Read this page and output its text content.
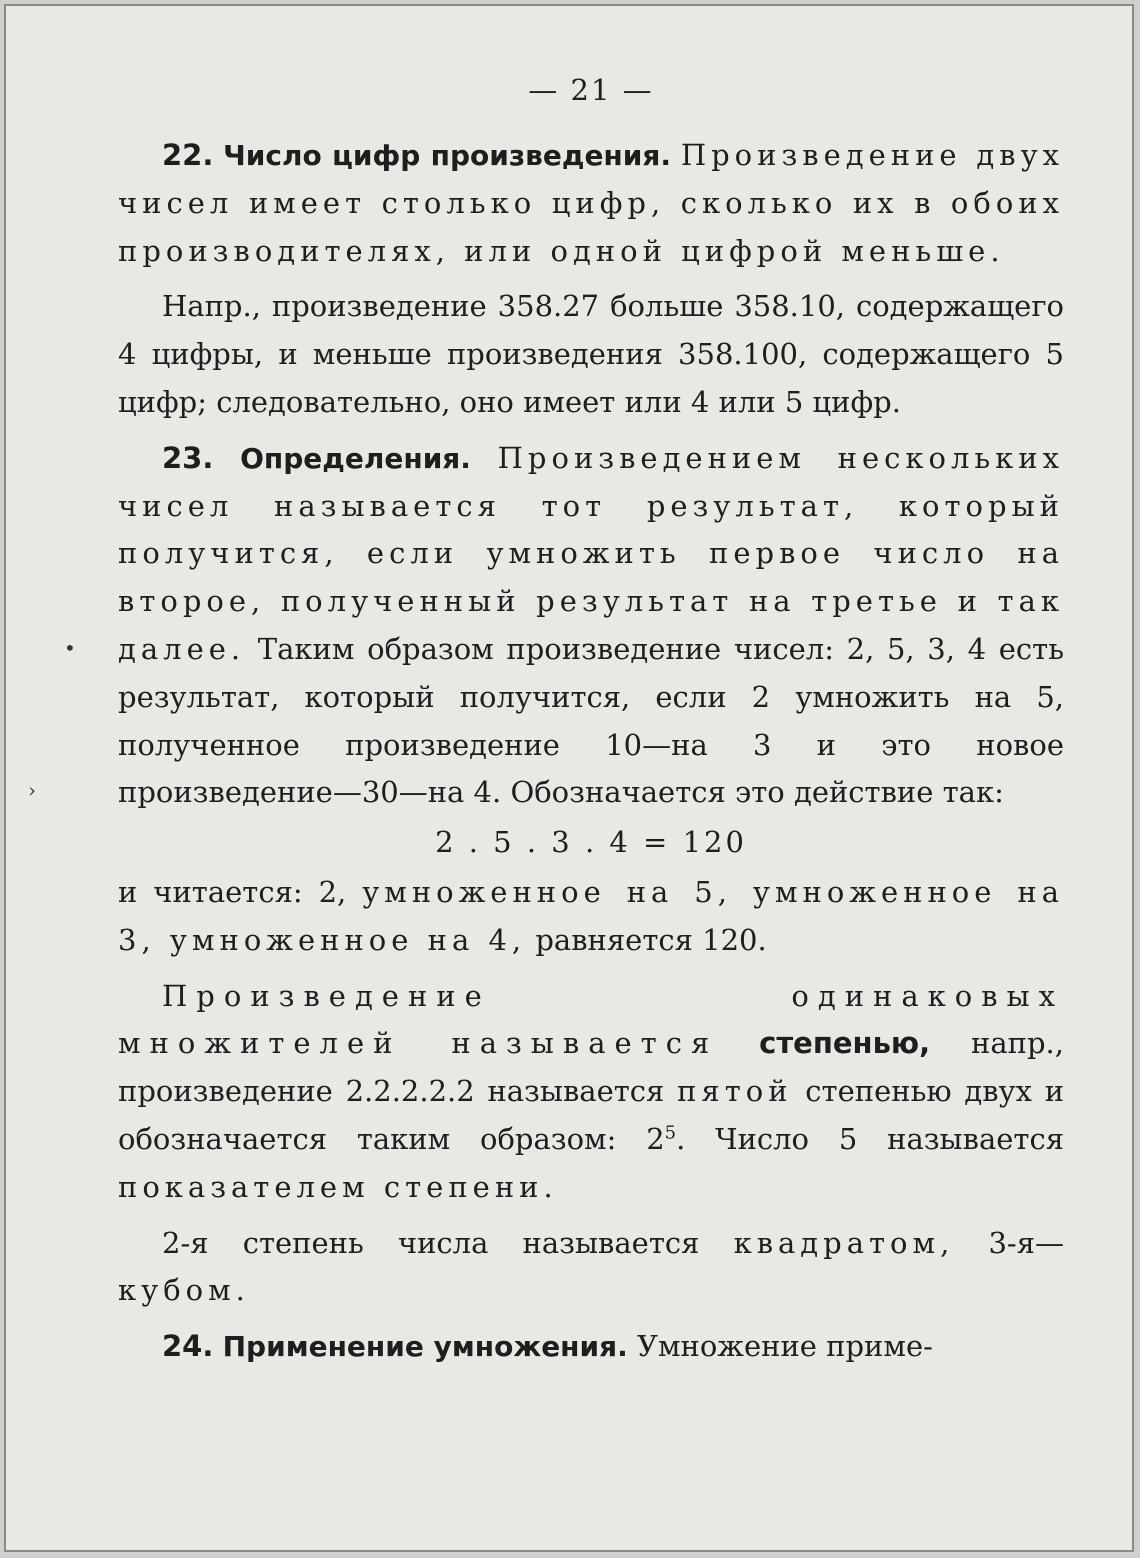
•
›
— 21 —

22. Число цифр произведения. Произведение двух чисел имеет столько цифр, сколько их в обоих производителях, или одной цифрой меньше.

Напр., произведение 358.27 больше 358.10, содержащего 4 цифры, и меньше произведения 358.100, содержащего 5 цифр; следовательно, оно имеет или 4 или 5 цифр.

23. Определения. Произведением нескольких чисел называется тот результат, который получится, если умножить первое число на второе, полученный результат на третье и так далее. Таким образом произведение чисел: 2, 5, 3, 4 есть результат, который получится, если 2 умножить на 5, полученное произведение 10—на 3 и это новое произведение—30—на 4. Обозначается это действие так:

2 . 5 . 3 . 4 = 120

и читается: 2, умноженное на 5, умноженное на 3, умноженное на 4, равняется 120.

Произведение одинаковых множителей называется степенью, напр., произведение 2.2.2.2.2 называется пятой степенью двух и обозначается таким образом: $2^5$. Число 5 называется показателем степени.

2-я степень числа называется квадратом, 3-я— кубом.

24. Применение умножения. Умножение приме-
